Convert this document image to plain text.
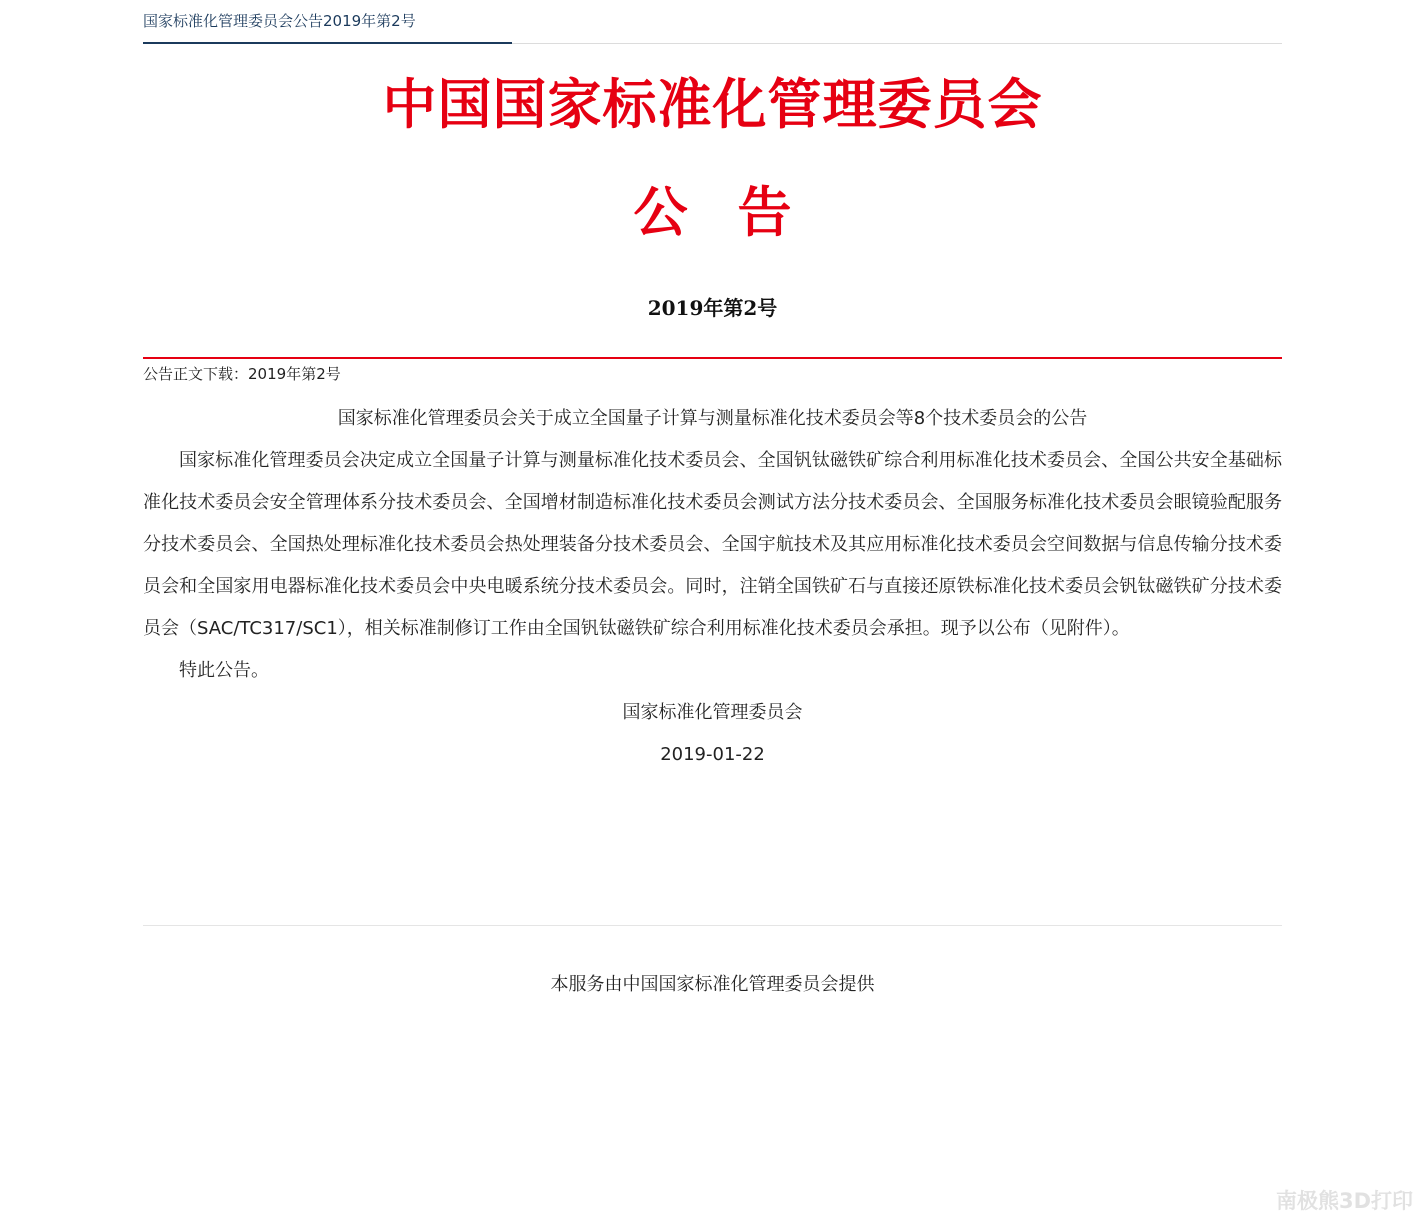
国家标准化管理委员会公告2019年第2号
中国国家标准化管理委员会
公告
2019年第2号
公告正文下载：2019年第2号

国家标准化管理委员会关于成立全国量子计算与测量标准化技术委员会等8个技术委员会的公告

国家标准化管理委员会决定成立全国量子计算与测量标准化技术委员会、全国钒钛磁铁矿综合利用标准化技术委员会、全国公共安全基础标准化技术委员会安全管理体系分技术委员会、全国增材制造标准化技术委员会测试方法分技术委员会、全国服务标准化技术委员会眼镜验配服务分技术委员会、全国热处理标准化技术委员会热处理装备分技术委员会、全国宇航技术及其应用标准化技术委员会空间数据与信息传输分技术委员会和全国家用电器标准化技术委员会中央电暖系统分技术委员会。同时，注销全国铁矿石与直接还原铁标准化技术委员会钒钛磁铁矿分技术委员会（SAC/TC317/SC1），相关标准制修订工作由全国钒钛磁铁矿综合利用标准化技术委员会承担。现予以公布（见附件）。

特此公告。

国家标准化管理委员会

2019-01-22

本服务由中国国家标准化管理委员会提供
南极熊3D打印
